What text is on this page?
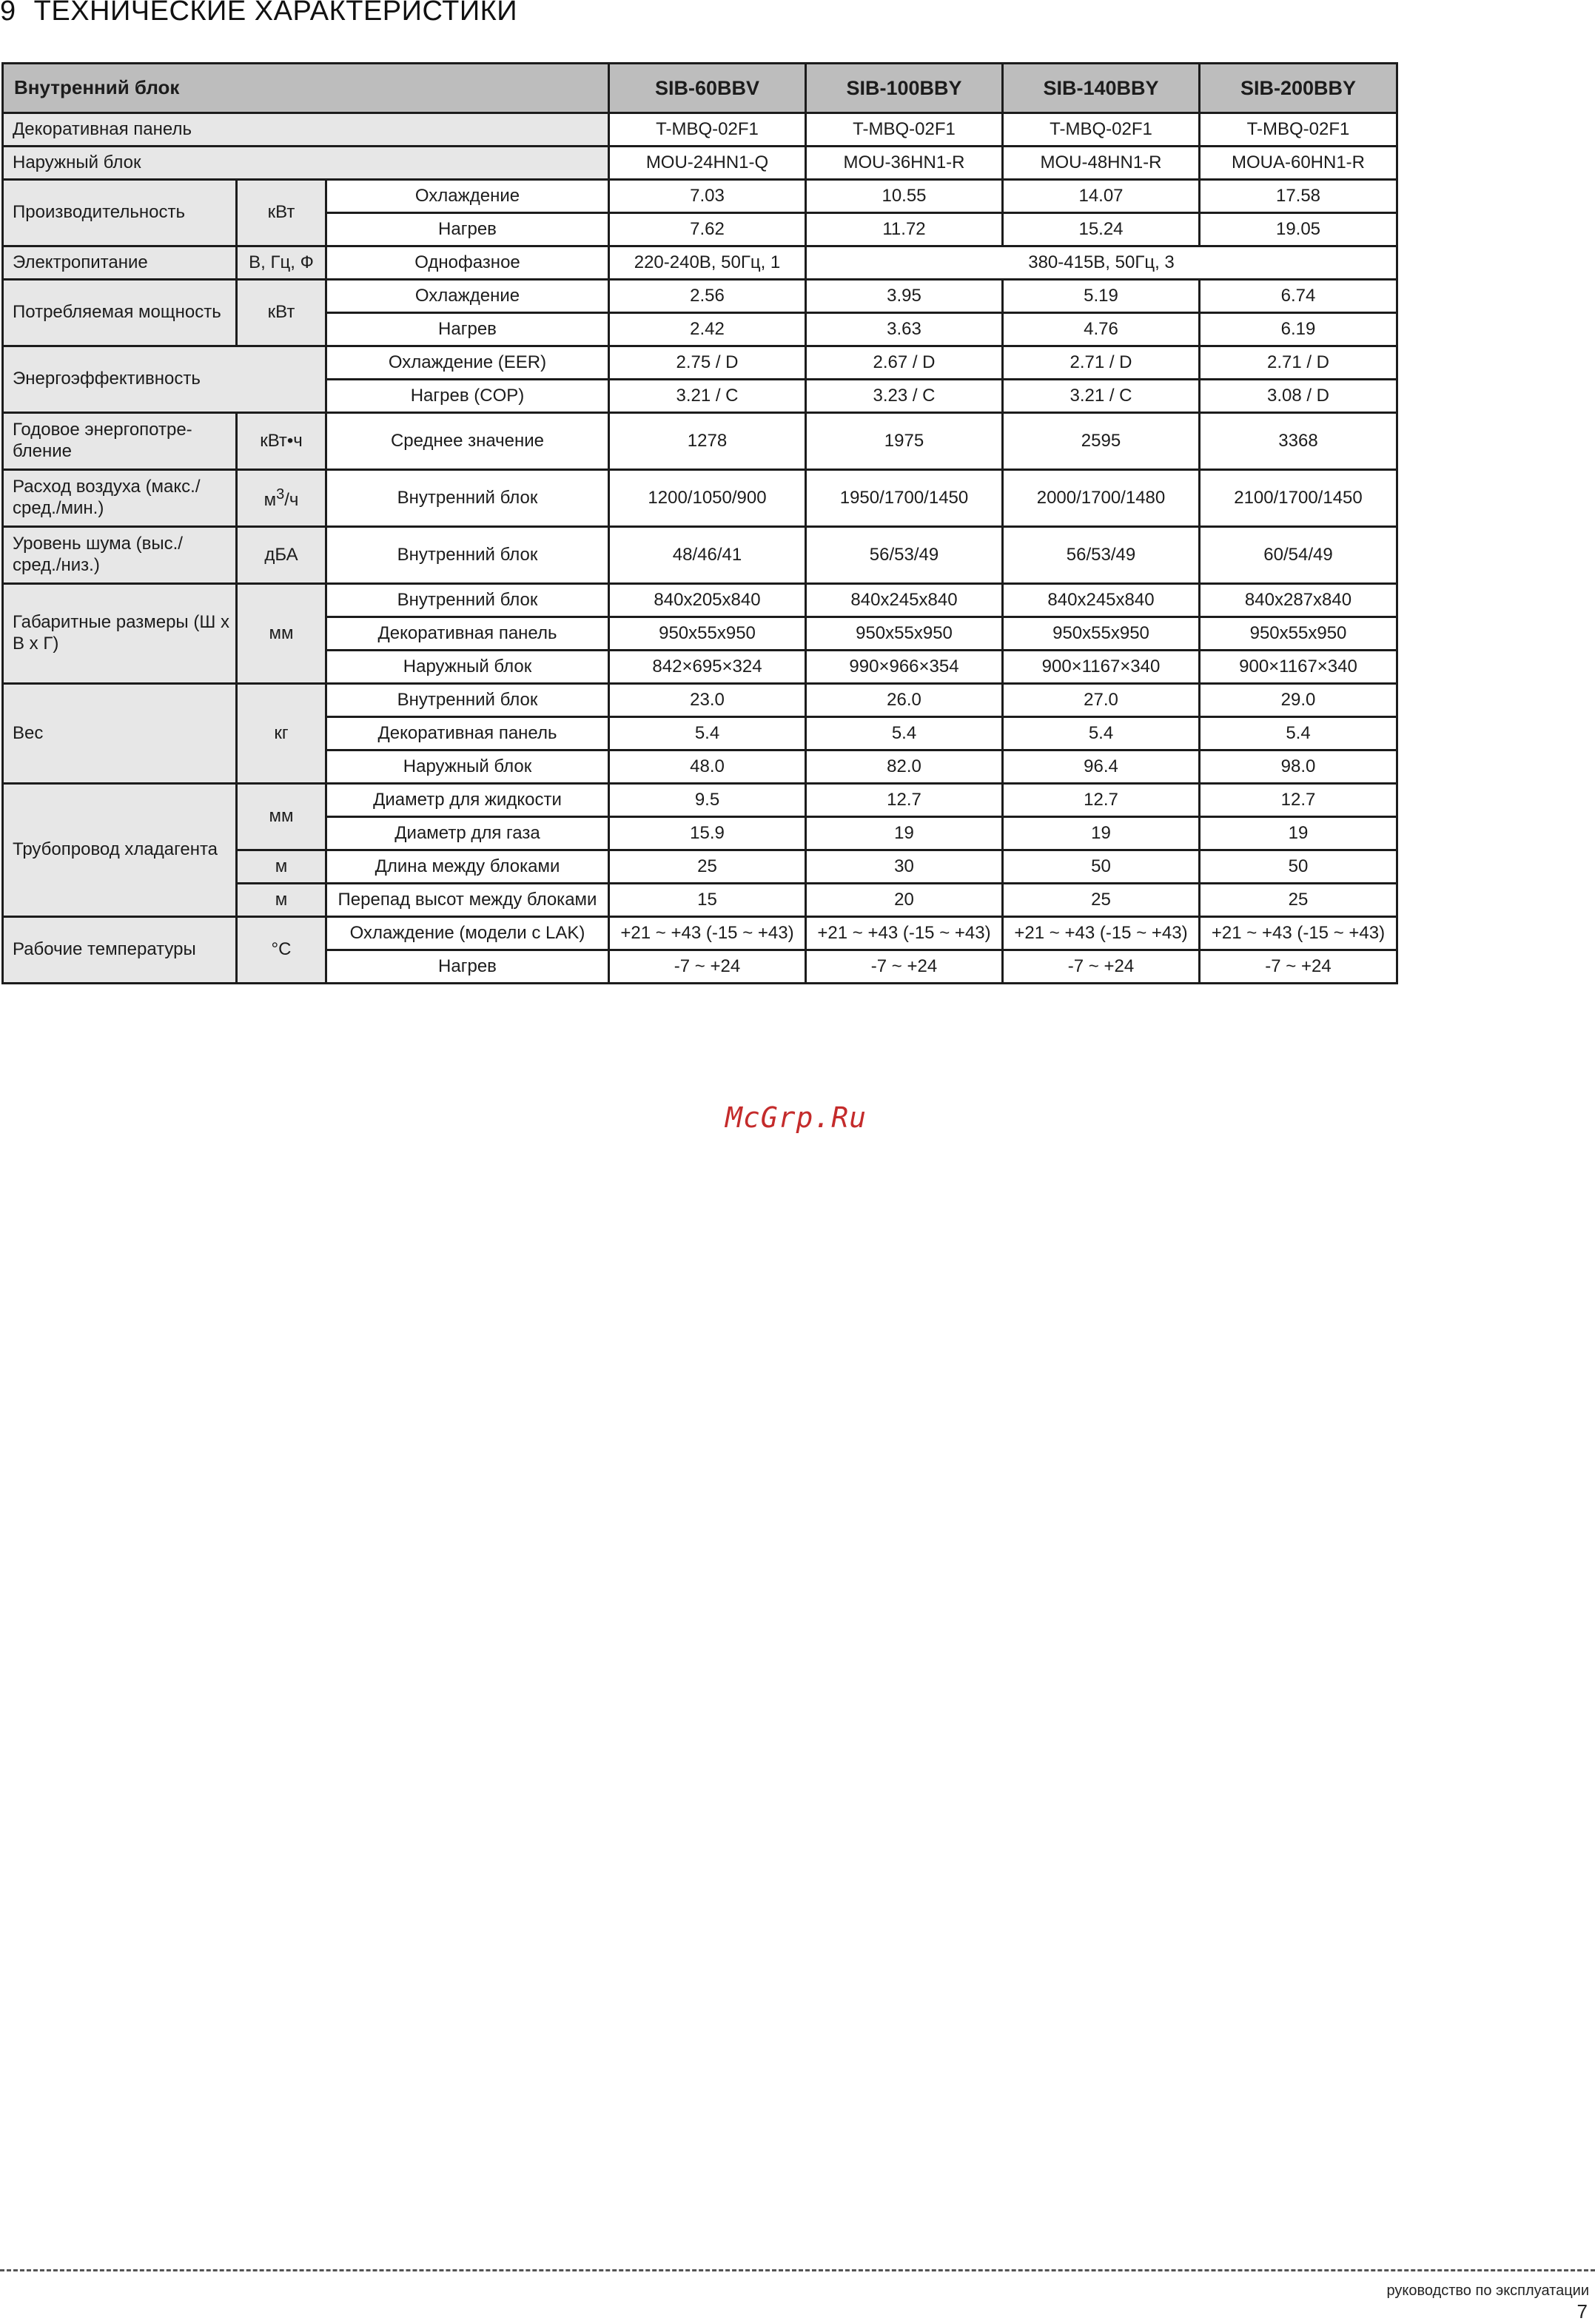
9 ТЕХНИЧЕСКИЕ ХАРАКТЕРИСТИКИ
Внутренний блок			SIB-60BBV	SIB-100BBY	SIB-140BBY	SIB-200BBY
Декоративная панель			T-MBQ-02F1	T-MBQ-02F1	T-MBQ-02F1	T-MBQ-02F1
Наружный блок			MOU-24HN1-Q	MOU-36HN1-R	MOU-48HN1-R	MOUA-60HN1-R
Производительность	кВт	Охлаждение	7.03	10.55	14.07	17.58
		Нагрев	7.62	11.72	15.24	19.05
Электропитание	В, Гц, Ф	Однофазное	220-240В, 50Гц, 1	380-415В, 50Гц, 3		
Потребляемая мощность	кВт	Охлаждение	2.56	3.95	5.19	6.74
		Нагрев	2.42	3.63	4.76	6.19
Энергоэффективность		Охлаждение (EER)	2.75 / D	2.67 / D	2.71 / D	2.71 / D
		Нагрев (COP)	3.21 / C	3.23 / C	3.21 / C	3.08 / D
Годовое энергопотре-бление	кВт•ч	Среднее значение	1278	1975	2595	3368
Расход воздуха (макс./сред./мин.)	$м^3/ч$	Внутренний блок	1200/1050/900	1950/1700/1450	2000/1700/1480	2100/1700/1450
Уровень шума (выс./сред./низ.)	дБА	Внутренний блок	48/46/41	56/53/49	56/53/49	60/54/49
Габаритные размеры (Ш х В х Г)	мм	Внутренний блок	840x205x840	840x245x840	840x245x840	840x287x840
		Декоративная панель	950x55x950	950x55x950	950x55x950	950x55x950
		Наружный блок	842×695×324	990×966×354	900×1167×340	900×1167×340
Вес	кг	Внутренний блок	23.0	26.0	27.0	29.0
		Декоративная панель	5.4	5.4	5.4	5.4
		Наружный блок	48.0	82.0	96.4	98.0
Трубопровод хладагента	мм	Диаметр для жидкости	9.5	12.7	12.7	12.7
		Диаметр для газа	15.9	19	19	19
	м	Длина между блоками	25	30	50	50
	м	Перепад высот между блоками	15	20	25	25
Рабочие температуры	°С	Охлаждение (модели с LAK)	+21 ~ +43 (-15 ~ +43)	+21 ~ +43 (-15 ~ +43)	+21 ~ +43 (-15 ~ +43)	+21 ~ +43 (-15 ~ +43)
		Нагрев	-7 ~ +24	-7 ~ +24	-7 ~ +24	-7 ~ +24
McGrp.Ru
руководство по эксплуатации
7
